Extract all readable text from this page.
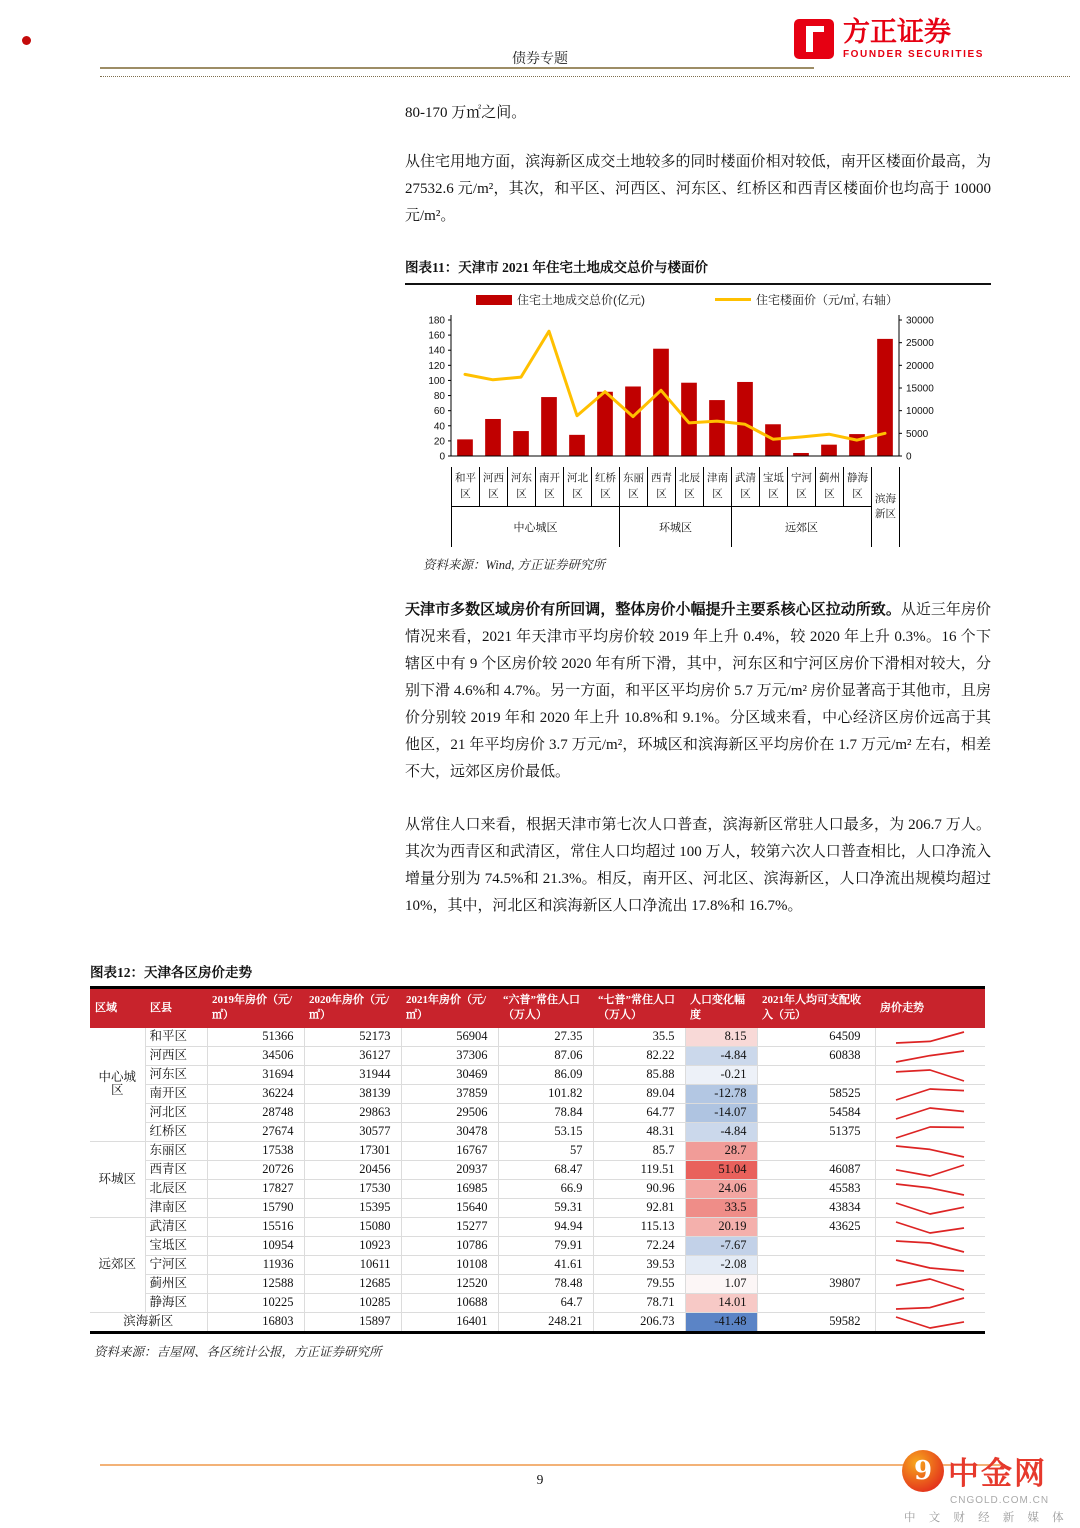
债券专题
方正证券
FOUNDER SECURITIES

80-170 万㎡之间。

从住宅用地方面，滨海新区成交土地较多的同时楼面价相对较低，南开区楼面价最高，为 27532.6 元/m²，其次，和平区、河西区、河东区、红桥区和西青区楼面价也均高于 10000 元/m²。

图表11：天津市 2021 年住宅土地成交总价与楼面价
住宅土地成交总价(亿元)	住宅楼面价（元/㎡, 右轴）
0
20
40
60
80
100
120
140
160
180
0
5000
10000
15000
20000
25000
30000
和平
区
河西
区
河东
区
南开
区
河北
区
红桥
区
东丽
区
西青
区
北辰
区
津南
区
武清
区
宝坻
区
宁河
区
蓟州
区
静海
区
中心城区	环城区	远郊区
滨海
新区
资料来源：Wind, 方正证券研究所

天津市多数区域房价有所回调，整体房价小幅提升主要系核心区拉动所致。从近三年房价情况来看，2021 年天津市平均房价较 2019 年上升 0.4%，较 2020 年上升 0.3%。16 个下辖区中有 9 个区房价较 2020 年有所下滑，其中，河东区和宁河区房价下滑相对较大，分别下滑 4.6%和 4.7%。另一方面，和平区平均房价 5.7 万元/m² 房价显著高于其他市，且房价分别较 2019 年和 2020 年上升 10.8%和 9.1%。分区域来看，中心经济区房价远高于其他区，21 年平均房价 3.7 万元/m²，环城区和滨海新区平均房价在 1.7 万元/m² 左右，相差不大，远郊区房价最低。

从常住人口来看，根据天津市第七次人口普查，滨海新区常驻人口最多，为 206.7 万人。其次为西青区和武清区，常住人口均超过 100 万人，较第六次人口普查相比，人口净流入增量分别为 74.5%和 21.3%。相反，南开区、河北区、滨海新区，人口净流出规模均超过 10%，其中，河北区和滨海新区人口净流出 17.8%和 16.7%。

图表12：天津各区房价走势
区域	区县	2019年房价（元/㎡）	2020年房价（元/㎡）	2021年房价（元/㎡）	“六普”常住人口（万人）	“七普”常住人口（万人）	人口变化幅度	2021年人均可支配收入（元）	房价走势
中心城区	和平区	51366	52173	56904	27.35	35.5	8.15	64509	

	河西区	34506	36127	37306	87.06	82.22	-4.84	60838	

	河东区	31694	31944	30469	86.09	85.88	-0.21		

	南开区	36224	38139	37859	101.82	89.04	-12.78	58525	

	河北区	28748	29863	29506	78.84	64.77	-14.07	54584	

	红桥区	27674	30577	30478	53.15	48.31	-4.84	51375	

环城区	东丽区	17538	17301	16767	57	85.7	28.7		

	西青区	20726	20456	20937	68.47	119.51	51.04	46087	

	北辰区	17827	17530	16985	66.9	90.96	24.06	45583	

	津南区	15790	15395	15640	59.31	92.81	33.5	43834	

远郊区	武清区	15516	15080	15277	94.94	115.13	20.19	43625	

	宝坻区	10954	10923	10786	79.91	72.24	-7.67		

	宁河区	11936	10611	10108	41.61	39.53	-2.08		

	蓟州区	12588	12685	12520	78.48	79.55	1.07	39807	

	静海区	10225	10285	10688	64.7	78.71	14.01		

滨海新区		16803	15897	16401	248.21	206.73	-41.48	59582	
资料来源：吉屋网、各区统计公报，方正证券研究所
9	9 中金网
CNGOLD.COM.CN
中 文 财 经 新 媒 体
